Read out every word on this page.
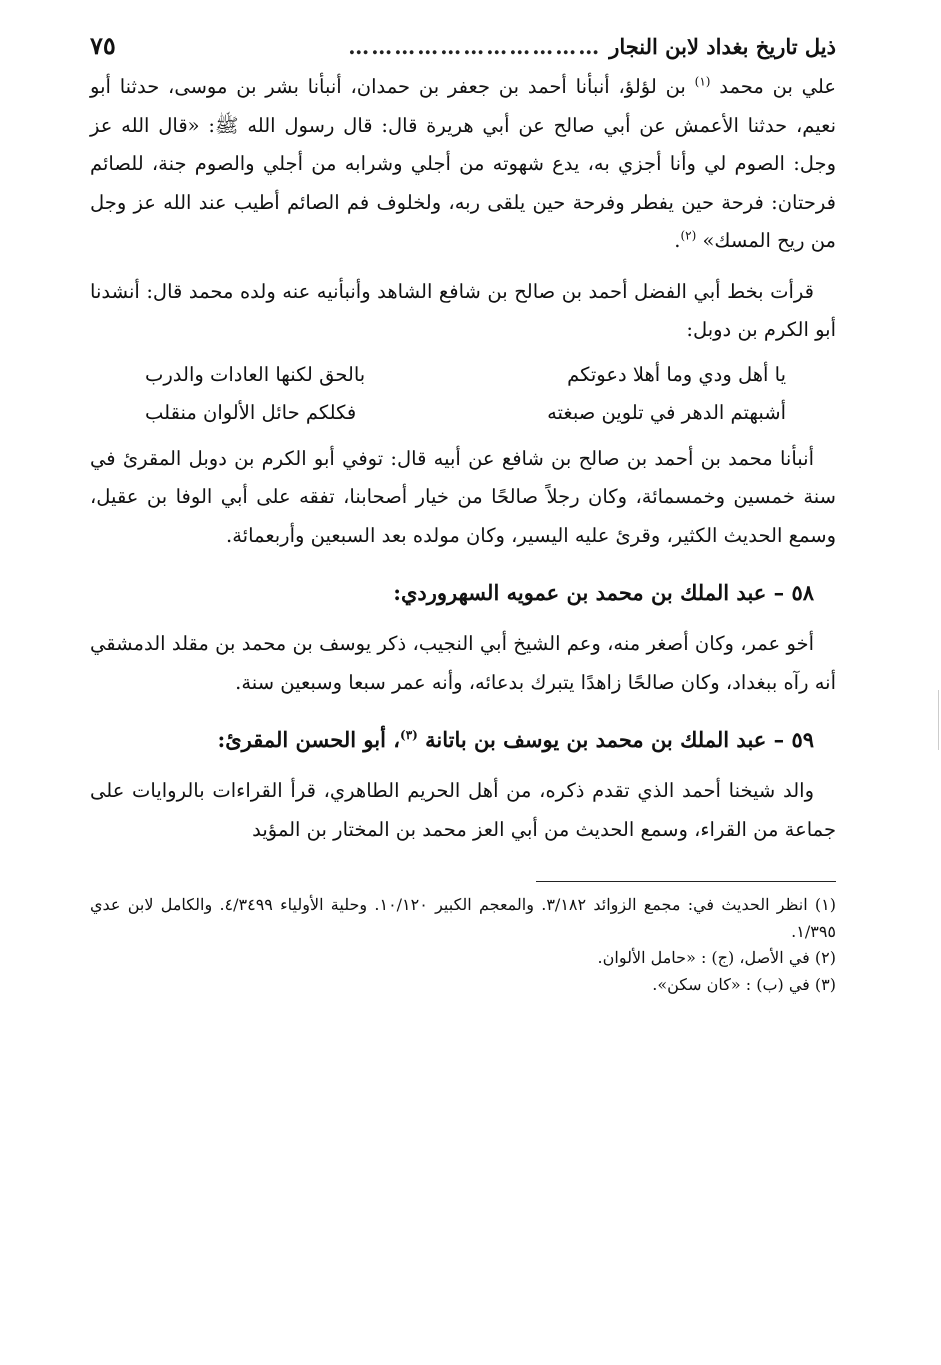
ذيل تاريخ بغداد لابن النجار
……………………………
٧٥

علي بن محمد $^{(١)}$ بن لؤلؤ، أنبأنا أحمد بن جعفر بن حمدان، أنبأنا بشر بن موسى، حدثنا أبو نعيم، حدثنا الأعمش عن أبي صالح عن أبي هريرة قال: قال رسول الله ﷺ: «قال الله عز وجل: الصوم لي وأنا أجزي به، يدع شهوته من أجلي وشرابه من أجلي والصوم جنة، للصائم فرحتان: فرحة حين يفطر وفرحة حين يلقى ربه، ولخلوف فم الصائم أطيب عند الله عز وجل من ريح المسك» $^{(٢)}$.

قرأت بخط أبي الفضل أحمد بن صالح بن شافع الشاهد وأنبأنيه عنه ولده محمد قال: أنشدنا أبو الكرم بن دوبل:

يا أهل ودي وما أهلا دعوتكم
بالحق لكنها العادات والدرب
أشبهتم الدهر في تلوين صبغته
فكلكم حائل الألوان منقلب

أنبأنا محمد بن أحمد بن صالح بن شافع عن أبيه قال: توفي أبو الكرم بن دوبل المقرئ في سنة خمسين وخمسمائة، وكان رجلاً صالحًا من خيار أصحابنا، تفقه على أبي الوفا بن عقيل، وسمع الحديث الكثير، وقرئ عليه اليسير، وكان مولده بعد السبعين وأربعمائة.

٥٨ – عبد الملك بن محمد بن عمويه السهروردي:

أخو عمر، وكان أصغر منه، وعم الشيخ أبي النجيب، ذكر يوسف بن محمد بن مقلد الدمشقي أنه رآه ببغداد، وكان صالحًا زاهدًا يتبرك بدعائه، وأنه عمر سبعا وسبعين سنة.

٥٩ – عبد الملك بن محمد بن يوسف بن باتانة $^{(٣)}$، أبو الحسن المقرئ:

والد شيخنا أحمد الذي تقدم ذكره، من أهل الحريم الطاهري، قرأ القراءات بالروايات على جماعة من القراء، وسمع الحديث من أبي العز محمد بن المختار بن المؤيد

(١) انظر الحديث في: مجمع الزوائد ٣/١٨٢. والمعجم الكبير ١٠/١٢٠. وحلية الأولياء ٤/٣٤٩٩. والكامل لابن عدي ١/٣٩٥.
(٢) في الأصل، (ج) : «حامل الألوان.
(٣) في (ب) : «كان سكن».
